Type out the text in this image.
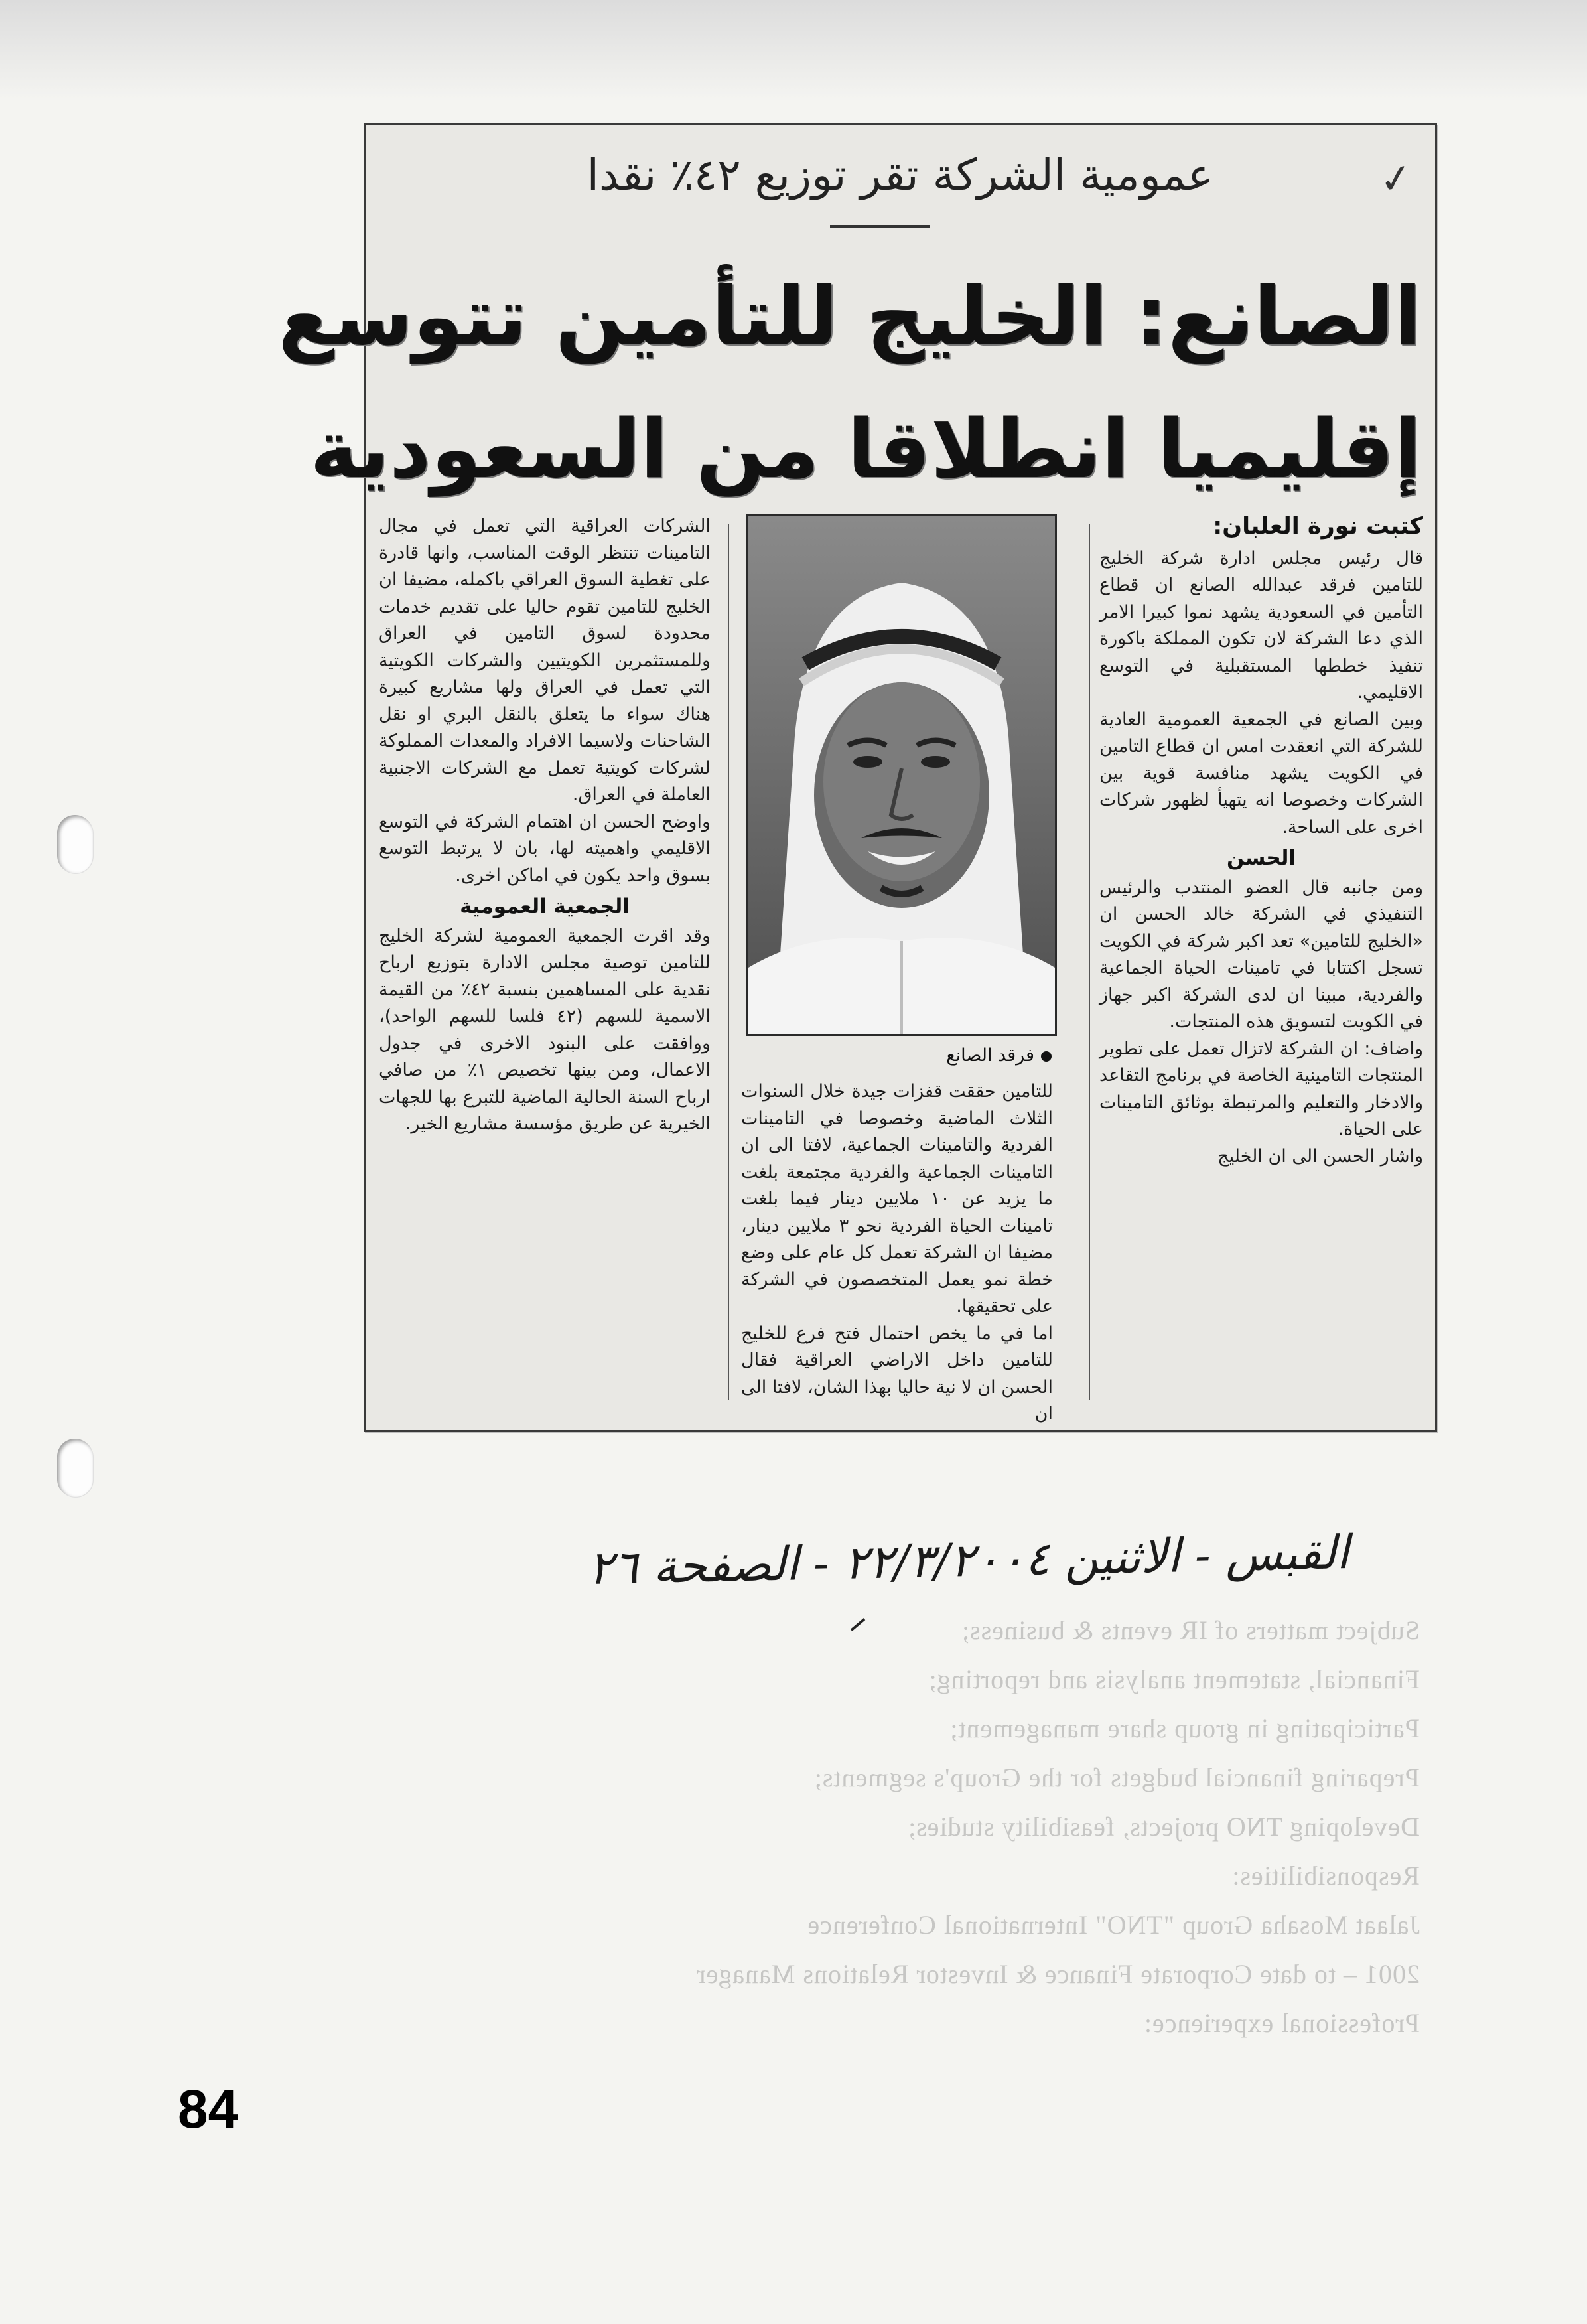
Subject matters of IR events & business;
Financial, statement analysis and reporting;
Participating in group share management;
Preparing financial budgets for the Group's segments;
Developing TNO projects, feasibility studies;
Responsibilities:
Jalaat Mosaha Group "TNO" International Conference
2001 – to date Corporate Finance & Investor Relations Manager
Professional experience:
✓
عمومية الشركة تقر توزيع ٤٢٪ نقدا
الصانع: الخليج للتأمين تتوسع
إقليميا انطلاقا من السعودية
كتبت نورة العلبان:

قال رئيس مجلس ادارة شركة الخليج للتامين فرقد عبدالله الصانع ان قطاع التأمين في السعودية يشهد نموا كبيرا الامر الذي دعا الشركة لان تكون المملكة باكورة تنفيذ خططها المستقبلية في التوسع الاقليمي.

وبين الصانع في الجمعية العمومية العادية للشركة التي انعقدت امس ان قطاع التامين في الكويت يشهد منافسة قوية بين الشركات وخصوصا انه يتهيأ لظهور شركات اخرى على الساحة.

الحسن

ومن جانبه قال العضو المنتدب والرئيس التنفيذي في الشركة خالد الحسن ان «الخليج للتامين» تعد اكبر شركة في الكويت تسجل اكتتابا في تامينات الحياة الجماعية والفردية، مبينا ان لدى الشركة اكبر جهاز في الكويت لتسويق هذه المنتجات.

واضاف: ان الشركة لاتزال تعمل على تطوير المنتجات التامينية الخاصة في برنامج التقاعد والادخار والتعليم والمرتبطة بوثائق التامينات على الحياة.

واشار الحسن الى ان الخليج

فرقد الصانع

للتامين حققت قفزات جيدة خلال السنوات الثلاث الماضية وخصوصا في التامينات الفردية والتامينات الجماعية، لافتا الى ان التامينات الجماعية والفردية مجتمعة بلغت ما يزيد عن ١٠ ملايين دينار فيما بلغت تامينات الحياة الفردية نحو ٣ ملايين دينار، مضيفا ان الشركة تعمل كل عام على وضع خطة نمو يعمل المتخصصون في الشركة على تحقيقها.

اما في ما يخص احتمال فتح فرع للخليج للتامين داخل الاراضي العراقية فقال الحسن ان لا نية حاليا بهذا الشان، لافتا الى ان

الشركات العراقية التي تعمل في مجال التامينات تنتظر الوقت المناسب، وانها قادرة على تغطية السوق العراقي باكمله، مضيفا ان الخليج للتامين تقوم حاليا على تقديم خدمات محدودة لسوق التامين في العراق وللمستثمرين الكويتيين والشركات الكويتية التي تعمل في العراق ولها مشاريع كبيرة هناك سواء ما يتعلق بالنقل البري او نقل الشاحنات ولاسيما الافراد والمعدات المملوكة لشركات كويتية تعمل مع الشركات الاجنبية العاملة في العراق.

واوضح الحسن ان اهتمام الشركة في التوسع الاقليمي واهميته لها، بان لا يرتبط التوسع بسوق واحد يكون في اماكن اخرى.

الجمعية العمومية

وقد اقرت الجمعية العمومية لشركة الخليج للتامين توصية مجلس الادارة بتوزيع ارباح نقدية على المساهمين بنسبة ٤٢٪ من القيمة الاسمية للسهم (٤٢ فلسا للسهم الواحد)، ووافقت على البنود الاخرى في جدول الاعمال، ومن بينها تخصيص ١٪ من صافي ارباح السنة الحالية الماضية للتبرع بها للجهات الخيرية عن طريق مؤسسة مشاريع الخير.

القبس - الاثنين ٢٢/٣/٢٠٠٤ - الصفحة ٢٦
84
